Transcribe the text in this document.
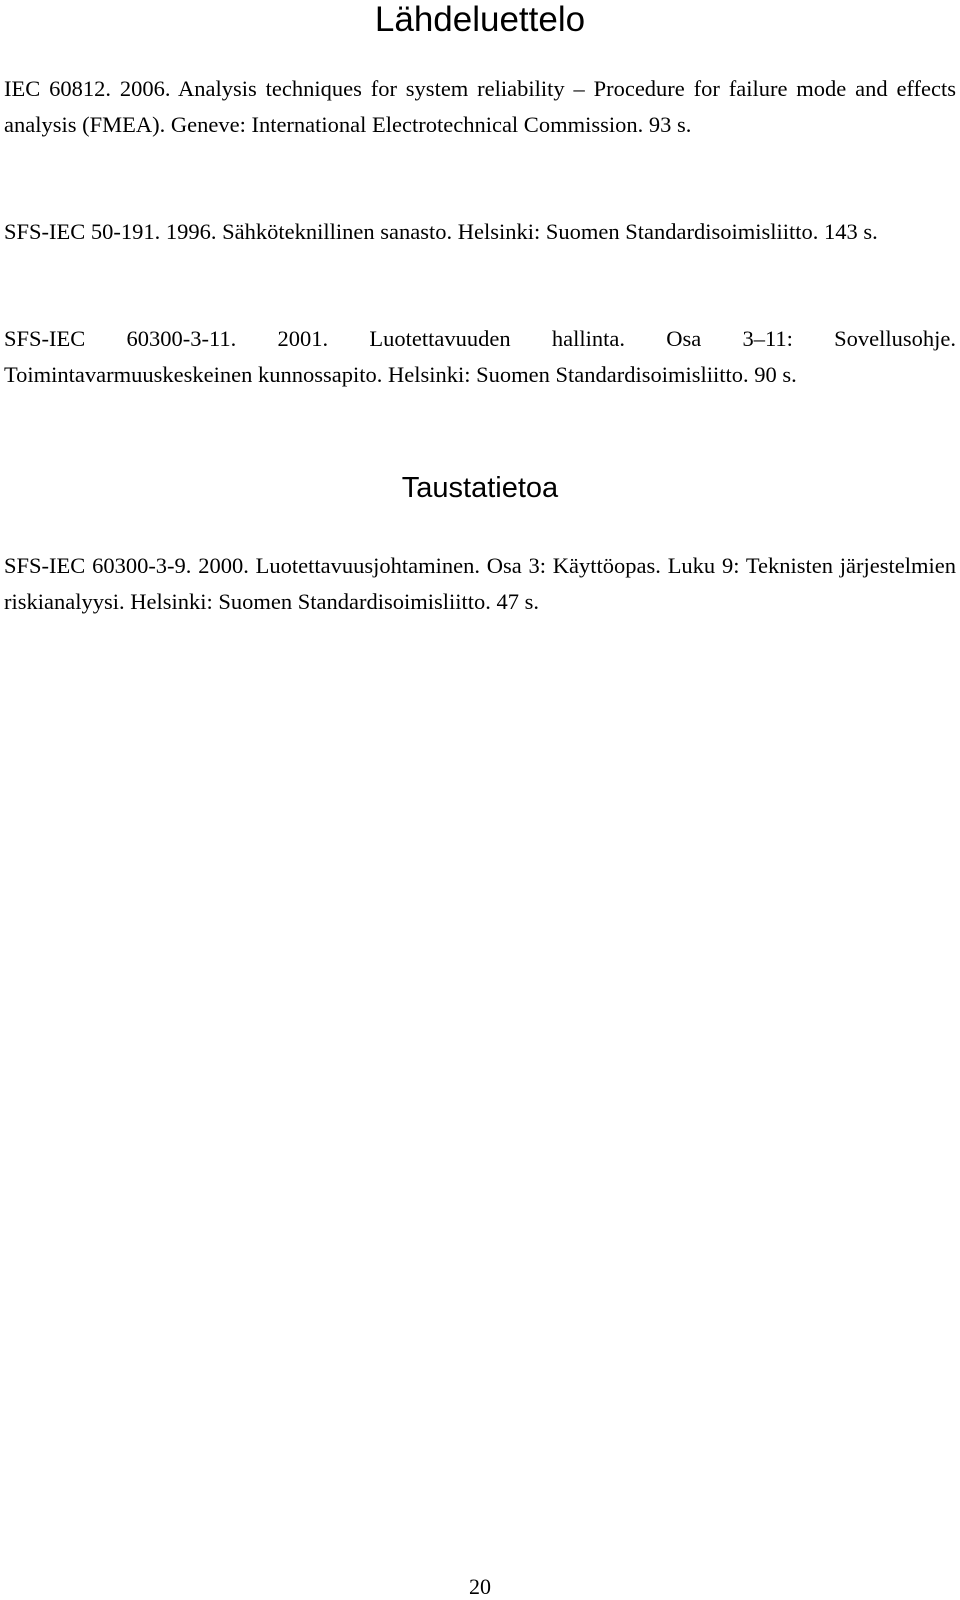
Lähdeluettelo

IEC 60812. 2006. Analysis techniques for system reliability – Procedure for failure mode and effects analysis (FMEA). Geneve: International Electrotechnical Commission. 93 s.

SFS-IEC 50-191. 1996. Sähköteknillinen sanasto. Helsinki: Suomen Standardisoimisliitto. 143 s.

SFS-IEC 60300-3-11. 2001. Luotettavuuden hallinta. Osa 3–11: Sovellusohje. Toimintavarmuuskeskeinen kunnossapito. Helsinki: Suomen Standardisoimisliitto. 90 s.

Taustatietoa

SFS-IEC 60300-3-9. 2000. Luotettavuusjohtaminen. Osa 3: Käyttöopas. Luku 9: Teknisten järjestelmien riskianalyysi. Helsinki: Suomen Standardisoimisliitto. 47 s.

20
